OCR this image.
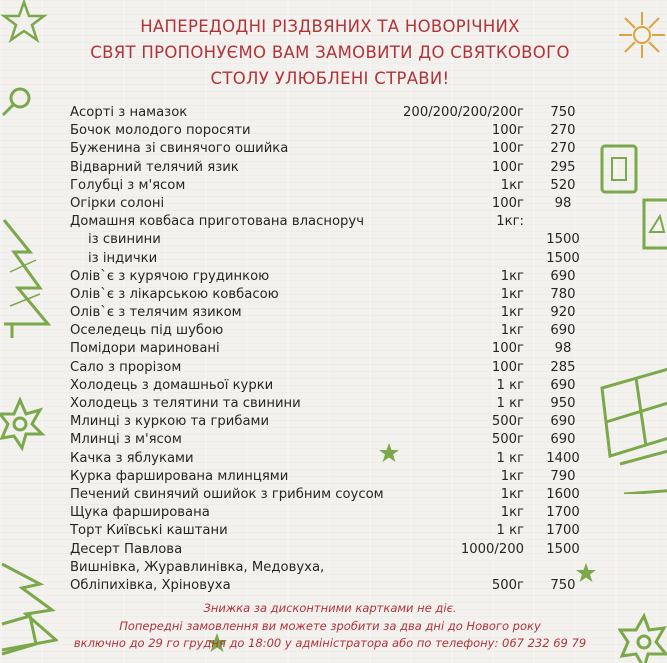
НАПЕРЕДОДНІ РІЗДВЯНИХ ТА НОВОРІЧНИХ
СВЯТ ПРОПОНУЄМО ВАМ ЗАМОВИТИ ДО СВЯТКОВОГО
СТОЛУ УЛЮБЛЕНІ СТРАВИ!
Асорті з намазок	200/200/200/200г	750
Бочок молодого поросяти	100г	270
Буженина зі свинячого ошийка	100г	270
Відварний телячий язик	100г	295
Голубці з м'ясом	1кг	520
Огірки солоні	100г	98
Домашня ковбаса приготована власноруч	1кг:
із свинини	1500
із індички	1500
Олів`є з курячою грудинкою	1кг	690
Олів`є з лікарською ковбасою	1кг	780
Олів`є з телячим язиком	1кг	920
Оселедець під шубою	1кг	690
Помідори мариновані	100г	98
Сало з прорізом	100г	285
Холодець з домашньої курки	1 кг	690
Холодець з телятини та свинини	1 кг	950
Млинці з куркою та грибами	500г	690
Млинці з м'ясом	500г	690
Качка з яблуками	1 кг	1400
Курка фарширована млинцями	1кг	790
Печений свинячий ошийок з грибним соусом	1кг	1600
Щука фарширована	1кг	1700
Торт Київські каштани	1 кг	1700
Десерт Павлова	1000/200	1500
Вишнівка, Журавлинівка, Медовуха,
Обліпихівка, Хріновуха	500г	750
Знижка за дисконтними картками не діє.
Попередні замовлення ви можете зробити за два дні до Нового року
включно до 29 го грудня до 18:00 у адміністратора або по телефону: 067 232 69 79
